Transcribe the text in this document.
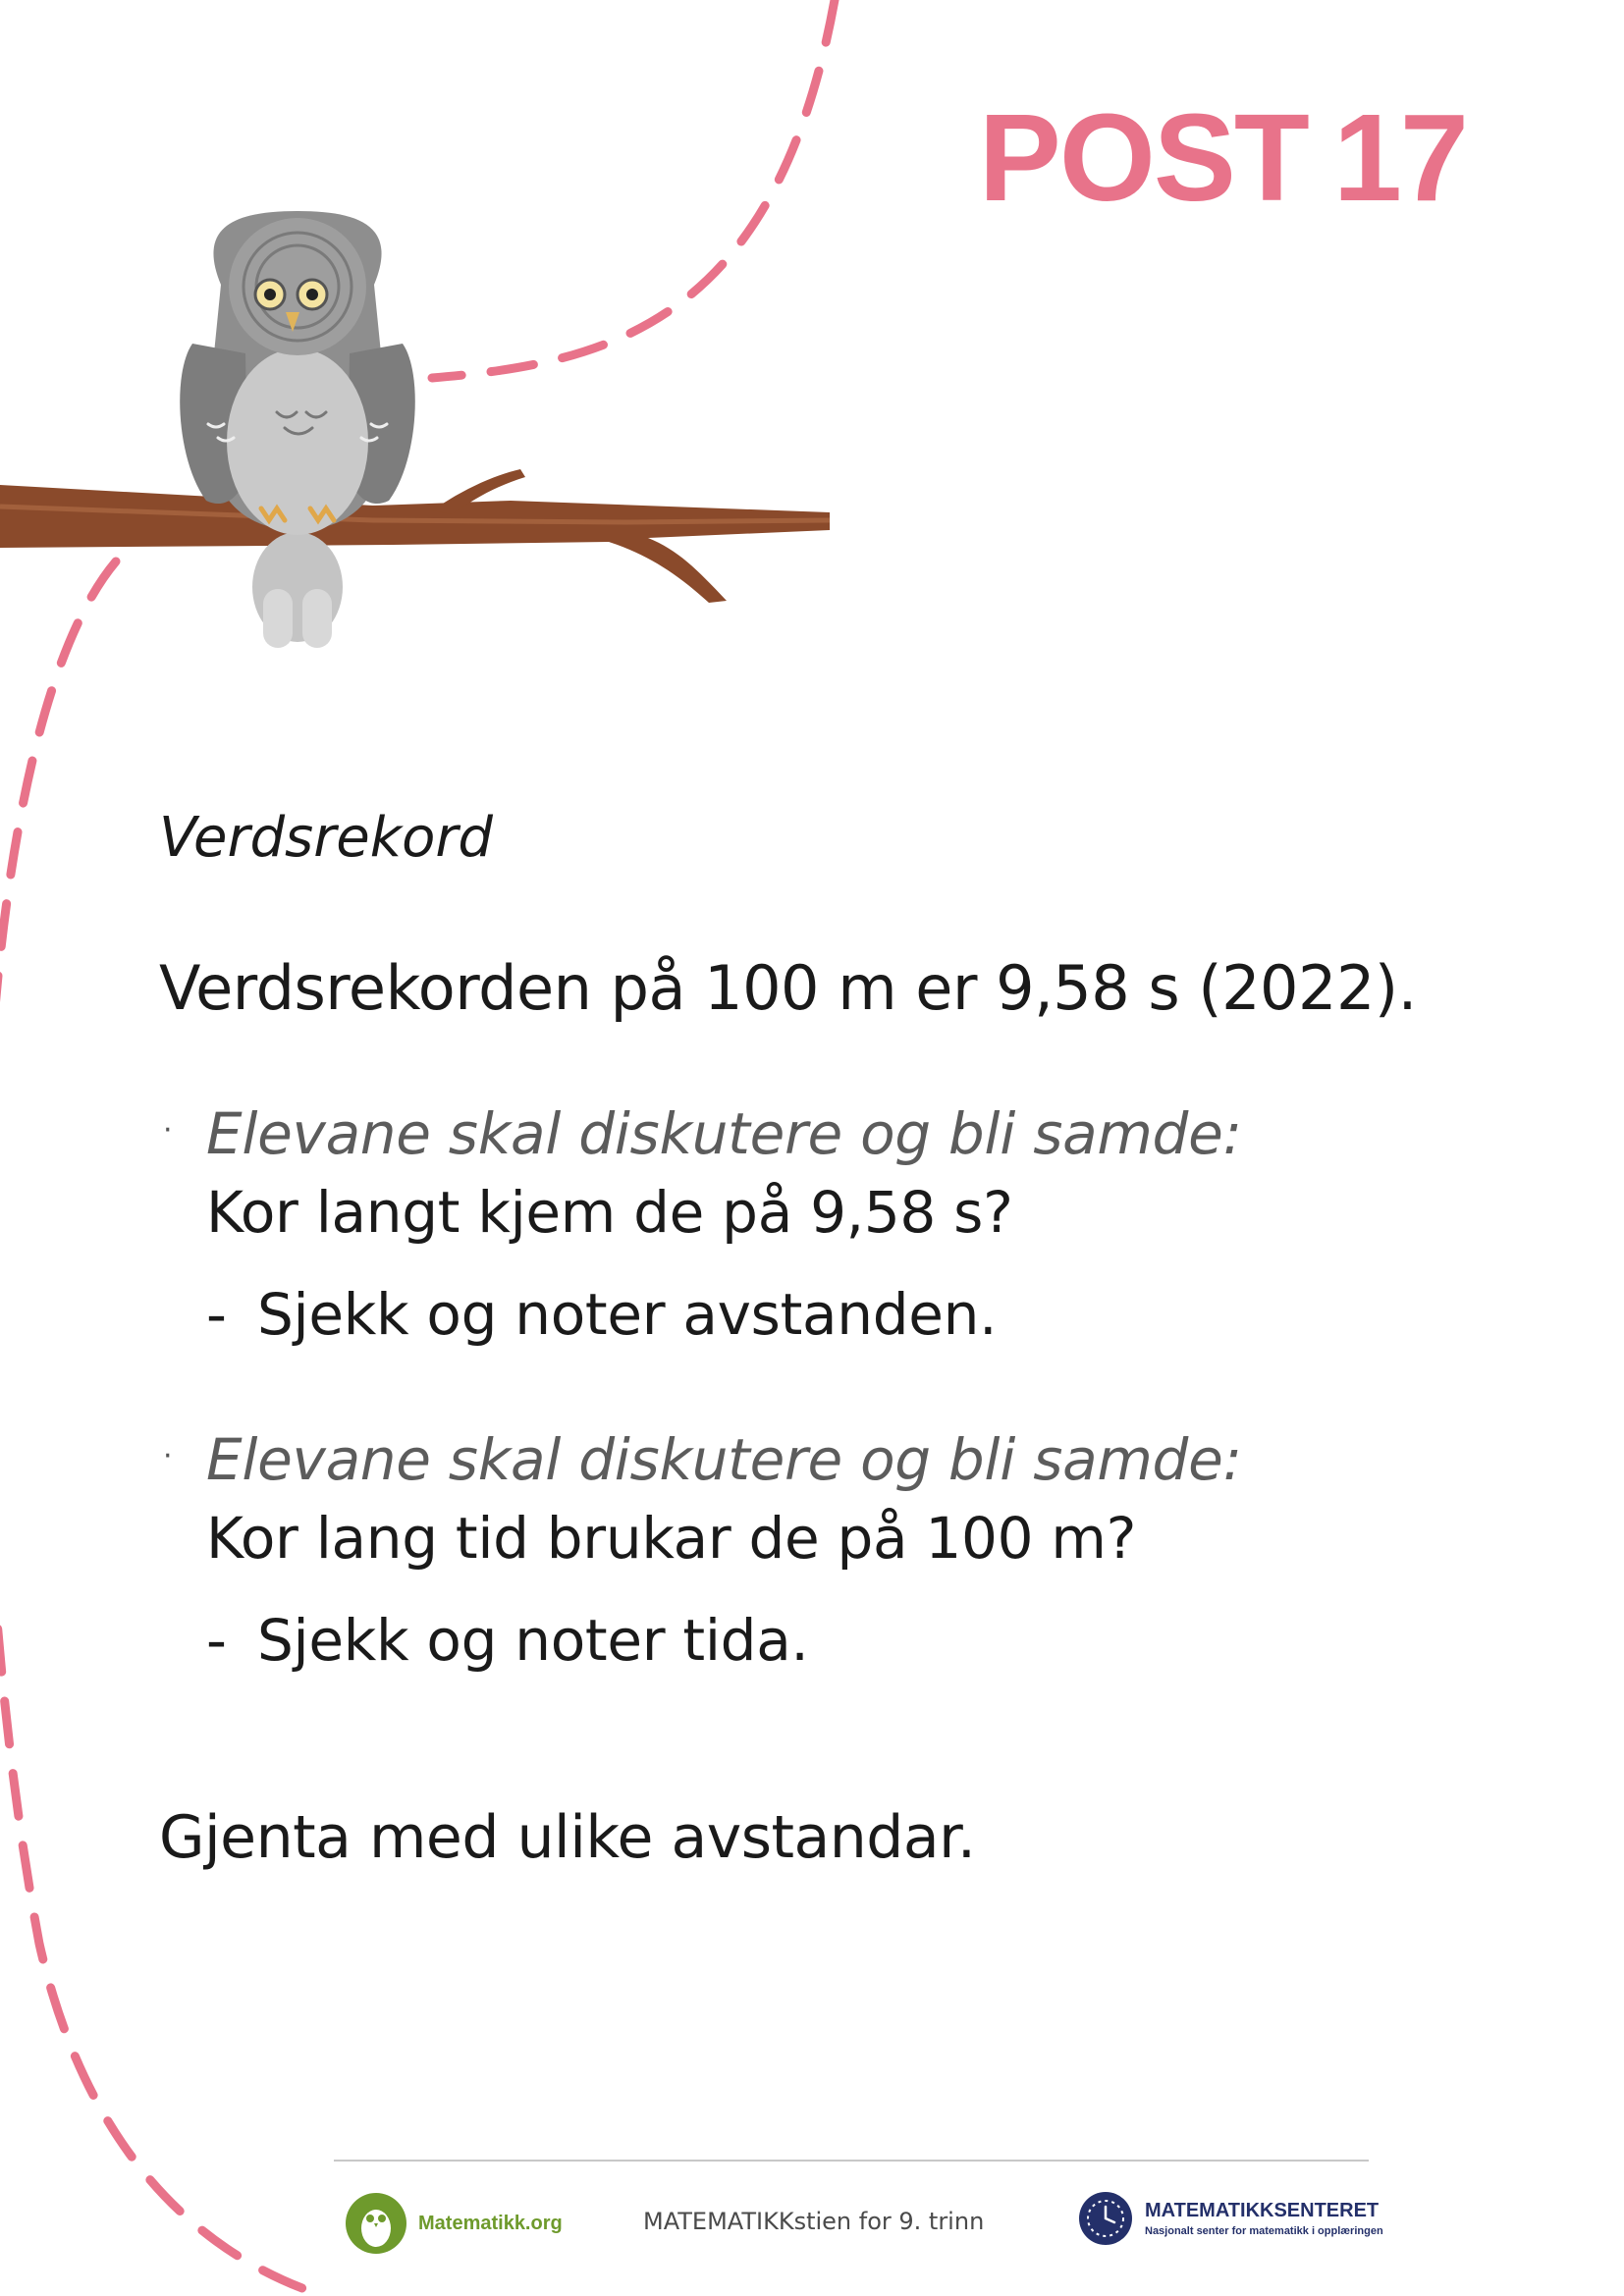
POST 17
Verdsrekord
Verdsrekorden på 100 m er 9,58 s (2022).
· Elevane skal diskutere og bli samde:
Kor langt kjem de på 9,58 s?
- Sjekk og noter avstanden.
· Elevane skal diskutere og bli samde:
Kor lang tid brukar de på 100 m?
- Sjekk og noter tida.
Gjenta med ulike avstandar.
Matematikk.org	MATEMATIKKstien for 9. trinn	MATEMATIKKSENTERET
Nasjonalt senter for matematikk i opplæringen
